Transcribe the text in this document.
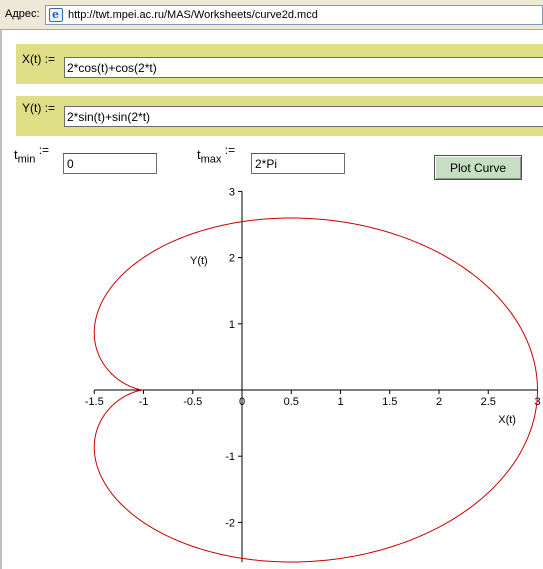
Адрес: e http://twt.mpei.ac.ru/MAS/Worksheets/curve2d.mcd
X(t) :=
2*cos(t)+cos(2*t)
Y(t) :=
2*sin(t)+sin(2*t)
$t_{min}$ :=
0	$t_{max}$ :=
2*Pi
Plot Curve
-1.5	-1	-0.5	0	0.5	1	1.5	2	2.5	3
3
2
1
-1
-2
X(t)
Y(t)
